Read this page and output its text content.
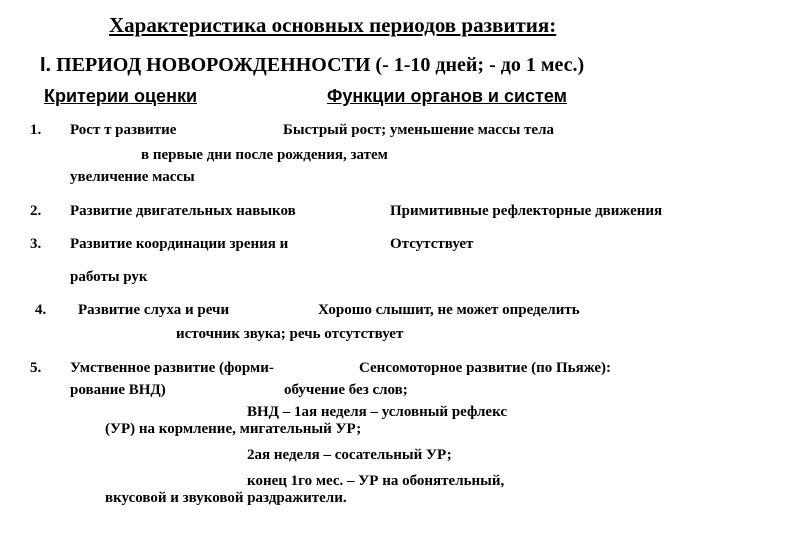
Характеристика основных периодов развития:
I. ПЕРИОД НОВОРОЖДЕННОСТИ (- 1-10 дней; - до 1 мес.)
Критерии оценки	Функции органов и систем
1. Рост т развитие	Быстрый рост; уменьшение массы тела
в первые дни после рождения, затем
увеличение массы
2. Развитие двигательных навыков	Примитивные рефлекторные движения
3. Развитие координации зрения и	Отсутствует
работы рук
4. Развитие слуха и речи	Хорошо слышит, не может определить
источник звука; речь отсутствует
5. Умственное развитие (форми-	Сенсомоторное развитие (по Пьяже):
рование ВНД)	обучение без слов;
ВНД – 1ая неделя – условный рефлекс
(УР) на кормление, мигательный УР;
2ая неделя – сосательный УР;
конец 1го мес. – УР на обонятельный,
вкусовой и звуковой раздражители.
